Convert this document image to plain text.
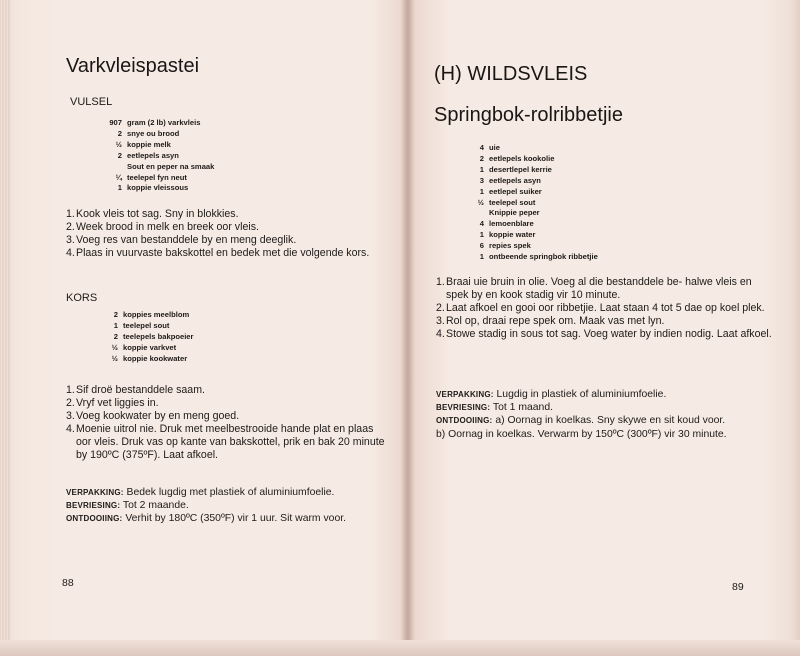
Varkvleispastei
VULSEL
907 gram (2 lb) varkvleis
2 snye ou brood
½ koppie melk
2 eetlepels asyn
Sout en peper na smaak
¼ teelepel fyn neut
1 koppie vleissous
1. Kook vleis tot sag. Sny in blokkies.
2. Week brood in melk en breek oor vleis.
3. Voeg res van bestanddele by en meng deeglik.
4. Plaas in vuurvaste bakskottel en bedek met die volgende kors.
KORS
2 koppies meelblom
1 teelepel sout
2 teelepels bakpoeier
½ koppie varkvet
½ koppie kookwater
1. Sif droë bestanddele saam.
2. Vryf vet liggies in.
3. Voeg kookwater by en meng goed.
4. Moenie uitrol nie. Druk met meelbestrooide hande plat en plaas oor vleis. Druk vas op kante van bakskottel, prik en bak 20 minute by 190ºC (375ºF). Laat afkoel.
VERPAKKING: Bedek lugdig met plastiek of aluminiumfoelie.
BEVRIESING: Tot 2 maande.
ONTDOOIING: Verhit by 180ºC (350ºF) vir 1 uur. Sit warm voor.
88
(H) WILDSVLEIS
Springbok-rolribbetjie
4 uie
2 eetlepels kookolie
1 desertlepel kerrie
3 eetlepels asyn
1 eetlepel suiker
½ teelepel sout
Knippie peper
4 lemoenblare
1 koppie water
6 repies spek
1 ontbeende springbok ribbetjie
1. Braai uie bruin in olie. Voeg al die bestanddele be- halwe vleis en spek by en kook stadig vir 10 minute.
2. Laat afkoel en gooi oor ribbetjie. Laat staan 4 tot 5 dae op koel plek.
3. Rol op, draai repe spek om. Maak vas met lyn.
4. Stowe stadig in sous tot sag. Voeg water by indien nodig. Laat afkoel.
VERPAKKING: Lugdig in plastiek of aluminiumfoelie.
BEVRIESING: Tot 1 maand.
ONTDOOIING: a) Oornag in koelkas. Sny skywe en sit koud voor.
b) Oornag in koelkas. Verwarm by 150ºC (300ºF) vir 30 minute.
89
